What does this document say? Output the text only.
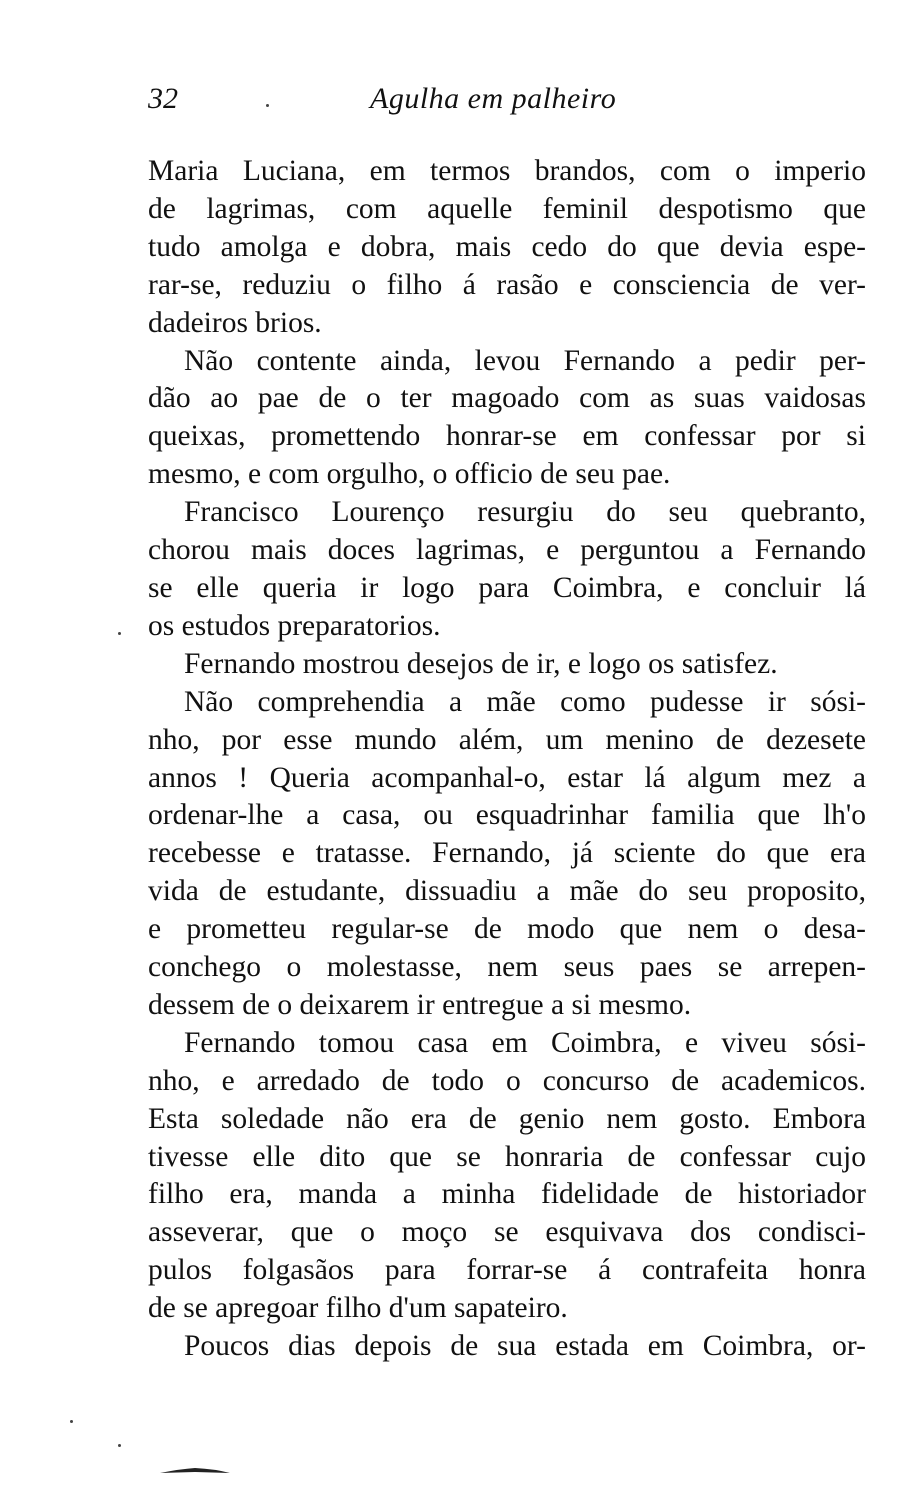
32	Agulha em palheiro

Maria Luciana, em termos brandos, com o imperio
de lagrimas, com aquelle feminil despotismo que
tudo amolga e dobra, mais cedo do que devia espe-
rar-se, reduziu o filho á rasão e consciencia de ver-
dadeiros brios.

Não contente ainda, levou Fernando a pedir per-
dão ao pae de o ter magoado com as suas vaidosas
queixas, promettendo honrar-se em confessar por si
mesmo, e com orgulho, o officio de seu pae.

Francisco Lourenço resurgiu do seu quebranto,
chorou mais doces lagrimas, e perguntou a Fernando
se elle queria ir logo para Coimbra, e concluir lá
os estudos preparatorios.

Fernando mostrou desejos de ir, e logo os satisfez.

Não comprehendia a mãe como pudesse ir sósi-
nho, por esse mundo além, um menino de dezesete
annos ! Queria acompanhal-o, estar lá algum mez a
ordenar-lhe a casa, ou esquadrinhar familia que lh'o
recebesse e tratasse. Fernando, já sciente do que era
vida de estudante, dissuadiu a mãe do seu proposito,
e prometteu regular-se de modo que nem o desa-
conchego o molestasse, nem seus paes se arrepen-
dessem de o deixarem ir entregue a si mesmo.

Fernando tomou casa em Coimbra, e viveu sósi-
nho, e arredado de todo o concurso de academicos.
Esta soledade não era de genio nem gosto. Embora
tivesse elle dito que se honraria de confessar cujo
filho era, manda a minha fidelidade de historiador
asseverar, que o moço se esquivava dos condisci-
pulos folgasãos para forrar-se á contrafeita honra
de se apregoar filho d'um sapateiro.

Poucos dias depois de sua estada em Coimbra, or-
